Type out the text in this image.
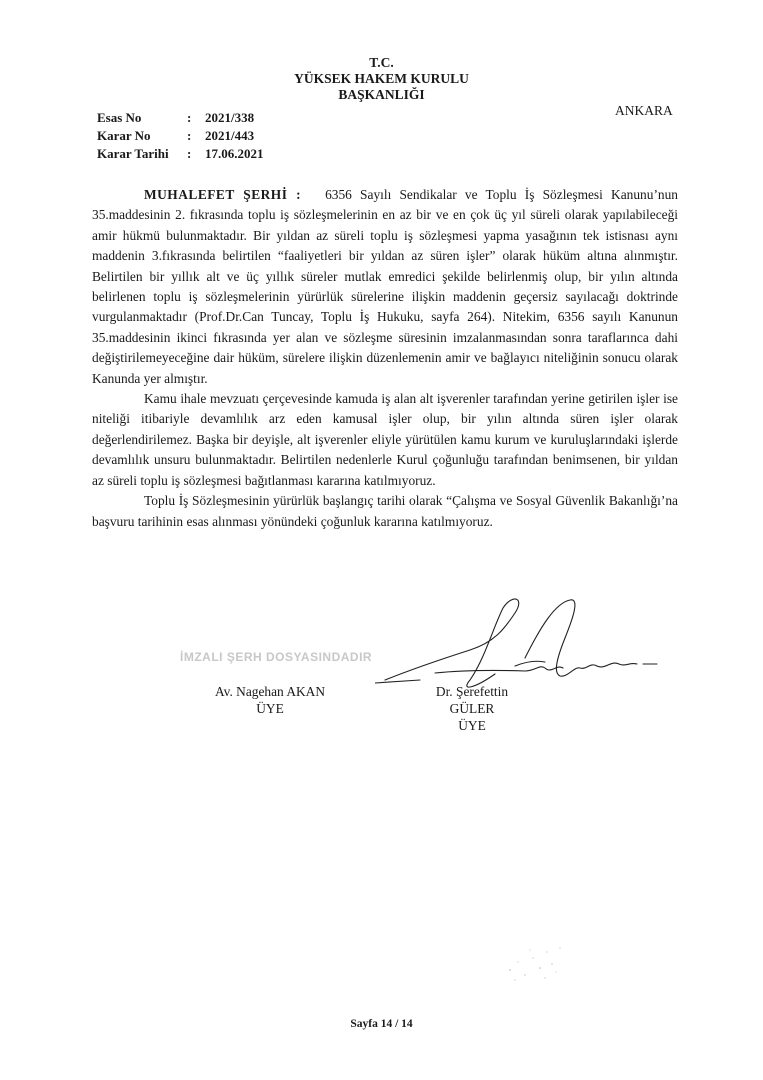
T.C.
YÜKSEK HAKEM KURULU
BAŞKANLIĞI
ANKARA
Esas No	:	2021/338
Karar No	:	2021/443
Karar Tarihi	:	17.06.2021

MUHALEFET ŞERHİ : 6356 Sayılı Sendikalar ve Toplu İş Sözleşmesi Kanunu’nun 35.maddesinin 2. fıkrasında toplu iş sözleşmelerinin en az bir ve en çok üç yıl süreli olarak yapılabileceği amir hükmü bulunmaktadır. Bir yıldan az süreli toplu iş sözleşmesi yapma yasağının tek istisnası aynı maddenin 3.fıkrasında belirtilen “faaliyetleri bir yıldan az süren işler” olarak hüküm altına alınmıştır. Belirtilen bir yıllık alt ve üç yıllık süreler mutlak emredici şekilde belirlenmiş olup, bir yılın altında belirlenen toplu iş sözleşmelerinin yürürlük sürelerine ilişkin maddenin geçersiz sayılacağı doktrinde vurgulanmaktadır (Prof.Dr.Can Tuncay, Toplu İş Hukuku, sayfa 264). Nitekim, 6356 sayılı Kanunun 35.maddesinin ikinci fıkrasında yer alan ve sözleşme süresinin imzalanmasından sonra taraflarınca dahi değiştirilemeyeceğine dair hüküm, sürelere ilişkin düzenlemenin amir ve bağlayıcı niteliğinin sonucu olarak Kanunda yer almıştır.

Kamu ihale mevzuatı çerçevesinde kamuda iş alan alt işverenler tarafından yerine getirilen işler ise niteliği itibariyle devamlılık arz eden kamusal işler olup, bir yılın altında süren işler olarak değerlendirilemez. Başka bir deyişle, alt işverenler eliyle yürütülen kamu kurum ve kuruluşlarındaki işlerde devamlılık unsuru bulunmaktadır. Belirtilen nedenlerle Kurul çoğunluğu tarafından benimsenen, bir yıldan az süreli toplu iş sözleşmesi bağıtlanması kararına katılmıyoruz.

Toplu İş Sözleşmesinin yürürlük başlangıç tarihi olarak “Çalışma ve Sosyal Güvenlik Bakanlığı’na başvuru tarihinin esas alınması yönündeki çoğunluk kararına katılmıyoruz.

İMZALI ŞERH DOSYASINDADIR
Av. Nagehan AKAN
ÜYE
Dr. Şerefettin GÜLER
ÜYE
Sayfa 14 / 14
